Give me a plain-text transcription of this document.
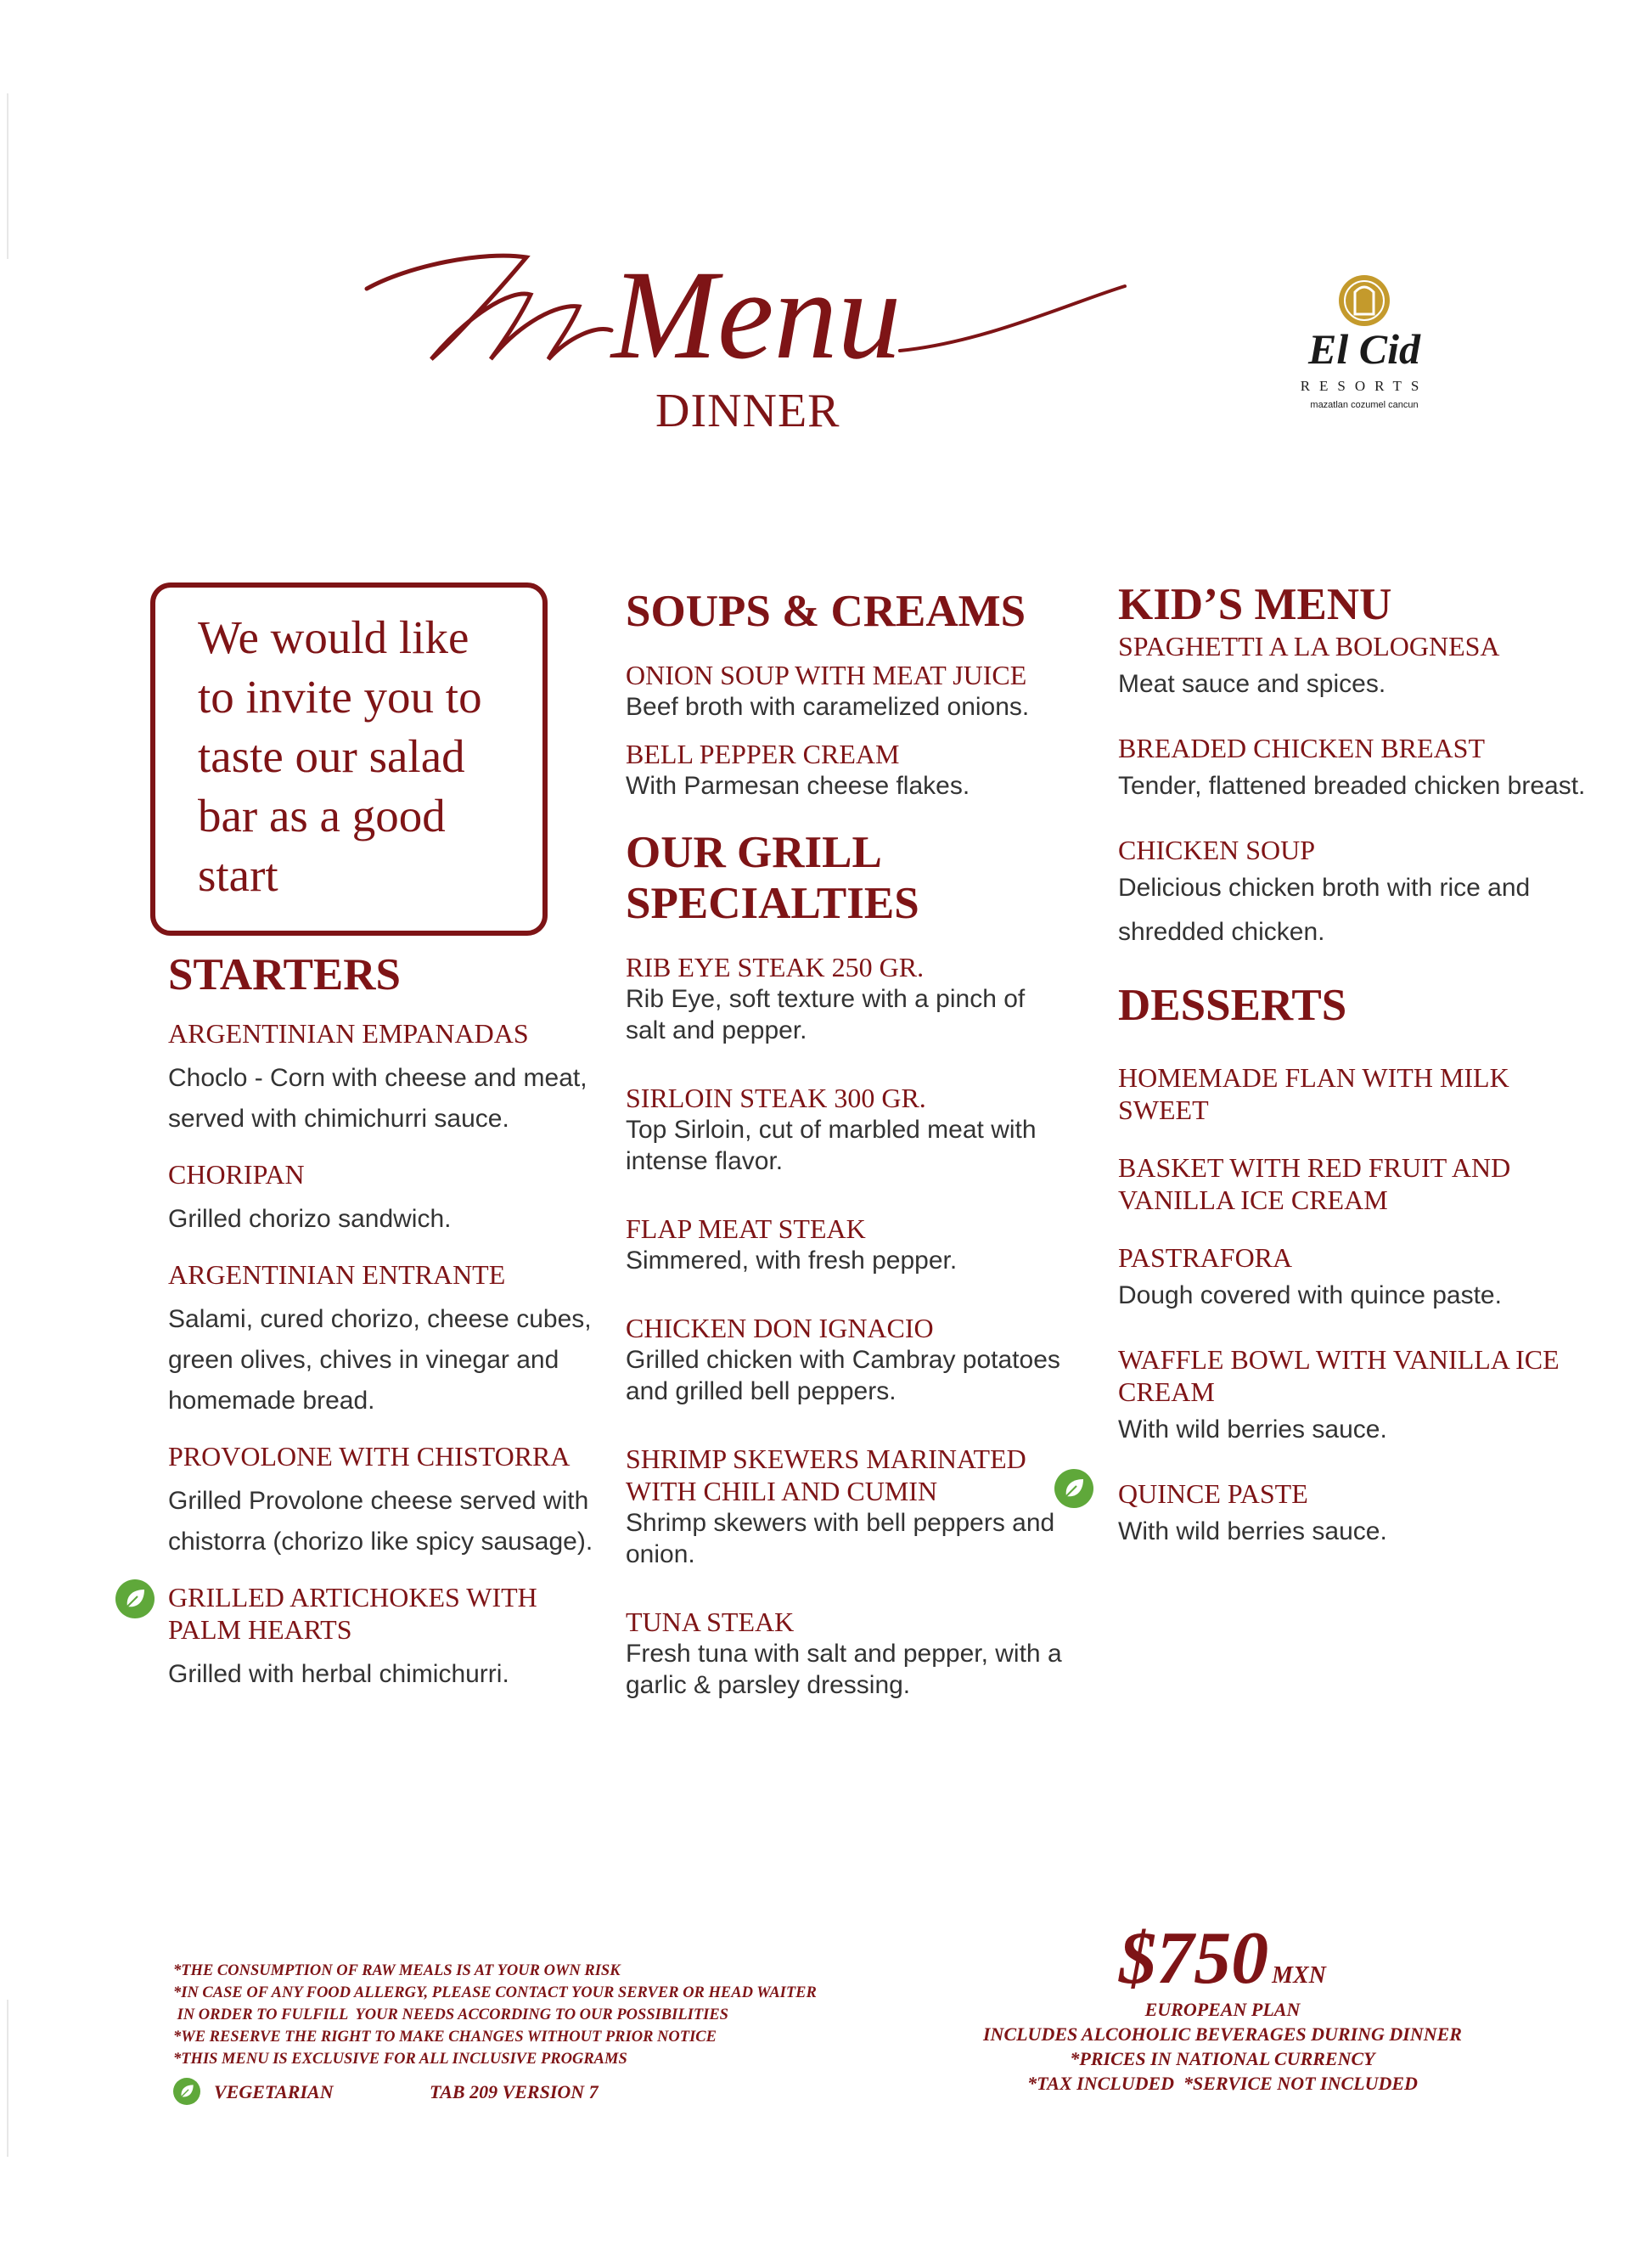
Menu
DINNER
El Cid
RESORTS
mazatlan cozumel cancun
We would like
to invite you to
taste our salad
bar as a good
start
STARTERS
ARGENTINIAN EMPANADAS
Choclo - Corn with cheese and meat, served with chimichurri sauce.
CHORIPAN
Grilled chorizo sandwich.
ARGENTINIAN ENTRANTE
Salami, cured chorizo, cheese cubes, green olives, chives in vinegar and homemade bread.
PROVOLONE WITH CHISTORRA
Grilled Provolone cheese served with chistorra (chorizo like spicy sausage).
GRILLED ARTICHOKES WITH PALM HEARTS
Grilled with herbal chimichurri.
SOUPS & CREAMS
ONION SOUP WITH MEAT JUICE
Beef broth with caramelized onions.
BELL PEPPER CREAM
With Parmesan cheese flakes.
OUR GRILL
SPECIALTIES
RIB EYE STEAK 250 GR.
Rib Eye, soft texture with a pinch of salt and pepper.
SIRLOIN STEAK 300 GR.
Top Sirloin, cut of marbled meat with intense flavor.
FLAP MEAT STEAK
Simmered, with fresh pepper.
CHICKEN DON IGNACIO
Grilled chicken with Cambray potatoes and grilled bell peppers.
SHRIMP SKEWERS MARINATED WITH CHILI AND CUMIN
Shrimp skewers with bell peppers and onion.
TUNA STEAK
Fresh tuna with salt and pepper, with a garlic & parsley dressing.
KID’S MENU
SPAGHETTI A LA BOLOGNESA
Meat sauce and spices.
BREADED CHICKEN BREAST
Tender, flattened breaded chicken breast.
CHICKEN SOUP
Delicious chicken broth with rice and shredded chicken.
DESSERTS
HOMEMADE FLAN WITH MILK SWEET
BASKET WITH RED FRUIT AND VANILLA ICE CREAM
PASTRAFORA
Dough covered with quince paste.
WAFFLE BOWL WITH VANILLA ICE CREAM
With wild berries sauce.
QUINCE PASTE
With wild berries sauce.
*THE CONSUMPTION OF RAW MEALS IS AT YOUR OWN RISK
*IN CASE OF ANY FOOD ALLERGY, PLEASE CONTACT YOUR SERVER OR HEAD WAITER
IN ORDER TO FULFILL  YOUR NEEDS ACCORDING TO OUR POSSIBILITIES
*WE RESERVE THE RIGHT TO MAKE CHANGES WITHOUT PRIOR NOTICE
*THIS MENU IS EXCLUSIVE FOR ALL INCLUSIVE PROGRAMS
VEGETARIAN	TAB 209 VERSION 7
$750 MXN
EUROPEAN PLAN
INCLUDES ALCOHOLIC BEVERAGES DURING DINNER
*PRICES IN NATIONAL CURRENCY
*TAX INCLUDED  *SERVICE NOT INCLUDED
